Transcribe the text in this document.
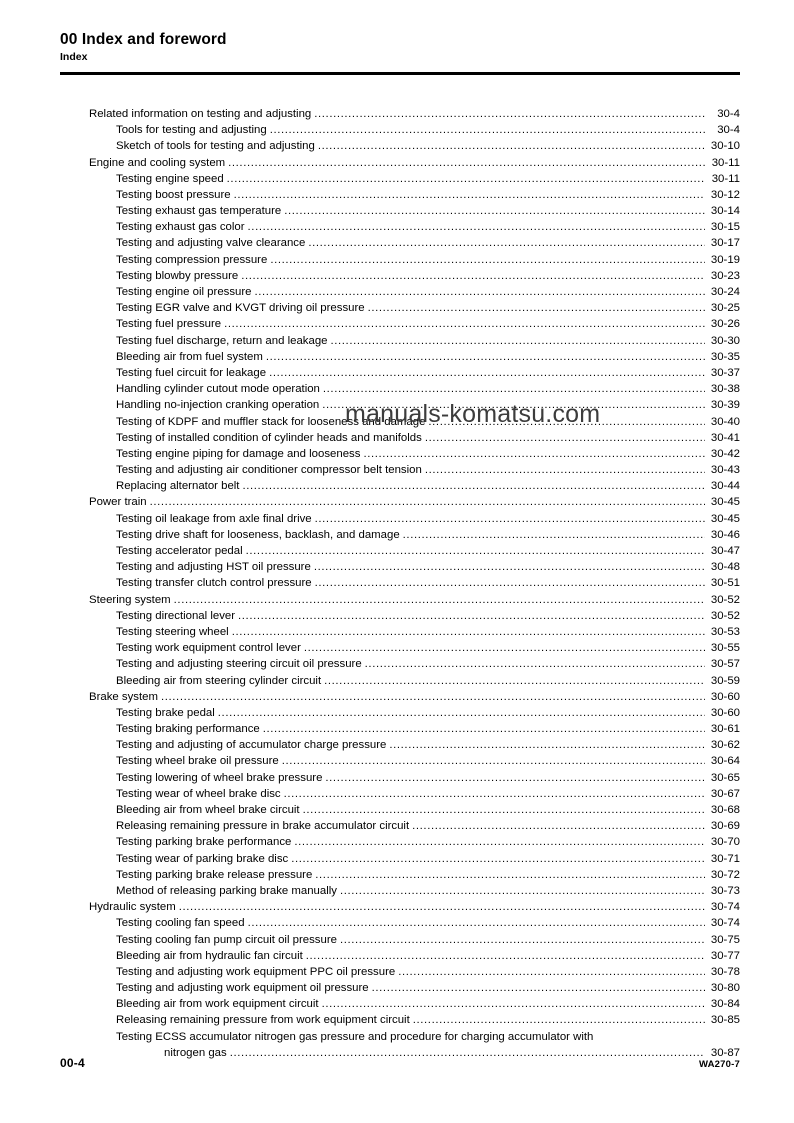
00 Index and foreword
Index
Related information on testing and adjusting .....	30-4
Tools for testing and adjusting .....	30-4
Sketch of tools for testing and adjusting .....	30-10
Engine and cooling system .....	30-11
Testing engine speed .....	30-11
Testing boost pressure .....	30-12
Testing exhaust gas temperature .....	30-14
Testing exhaust gas color .....	30-15
Testing and adjusting valve clearance .....	30-17
Testing compression pressure .....	30-19
Testing blowby pressure .....	30-23
Testing engine oil pressure .....	30-24
Testing EGR valve and KVGT driving oil pressure .....	30-25
Testing fuel pressure .....	30-26
Testing fuel discharge, return and leakage .....	30-30
Bleeding air from fuel system .....	30-35
Testing fuel circuit for leakage .....	30-37
Handling cylinder cutout mode operation .....	30-38
Handling no-injection cranking operation .....	30-39
Testing of KDPF and muffler stack for looseness and damage .....	30-40
Testing of installed condition of cylinder heads and manifolds .....	30-41
Testing engine piping for damage and looseness .....	30-42
Testing and adjusting air conditioner compressor belt tension .....	30-43
Replacing alternator belt .....	30-44
Power train .....	30-45
Testing oil leakage from axle final drive .....	30-45
Testing drive shaft for looseness, backlash, and damage .....	30-46
Testing accelerator pedal .....	30-47
Testing and adjusting HST oil pressure .....	30-48
Testing transfer clutch control pressure .....	30-51
Steering system .....	30-52
Testing directional lever .....	30-52
Testing steering wheel .....	30-53
Testing work equipment control lever .....	30-55
Testing and adjusting steering circuit oil pressure .....	30-57
Bleeding air from steering cylinder circuit .....	30-59
Brake system .....	30-60
Testing brake pedal .....	30-60
Testing braking performance .....	30-61
Testing and adjusting of accumulator charge pressure .....	30-62
Testing wheel brake oil pressure .....	30-64
Testing lowering of wheel brake pressure .....	30-65
Testing wear of wheel brake disc .....	30-67
Bleeding air from wheel brake circuit .....	30-68
Releasing remaining pressure in brake accumulator circuit .....	30-69
Testing parking brake performance .....	30-70
Testing wear of parking brake disc .....	30-71
Testing parking brake release pressure .....	30-72
Method of releasing parking brake manually .....	30-73
Hydraulic system .....	30-74
Testing cooling fan speed .....	30-74
Testing cooling fan pump circuit oil pressure .....	30-75
Bleeding air from hydraulic fan circuit .....	30-77
Testing and adjusting work equipment PPC oil pressure .....	30-78
Testing and adjusting work equipment oil pressure .....	30-80
Bleeding air from work equipment circuit .....	30-84
Releasing remaining pressure from work equipment circuit .....	30-85
Testing ECSS accumulator nitrogen gas pressure and procedure for charging accumulator with
nitrogen gas .....	30-87
manuals-komatsu.com
00-4	WA270-7
